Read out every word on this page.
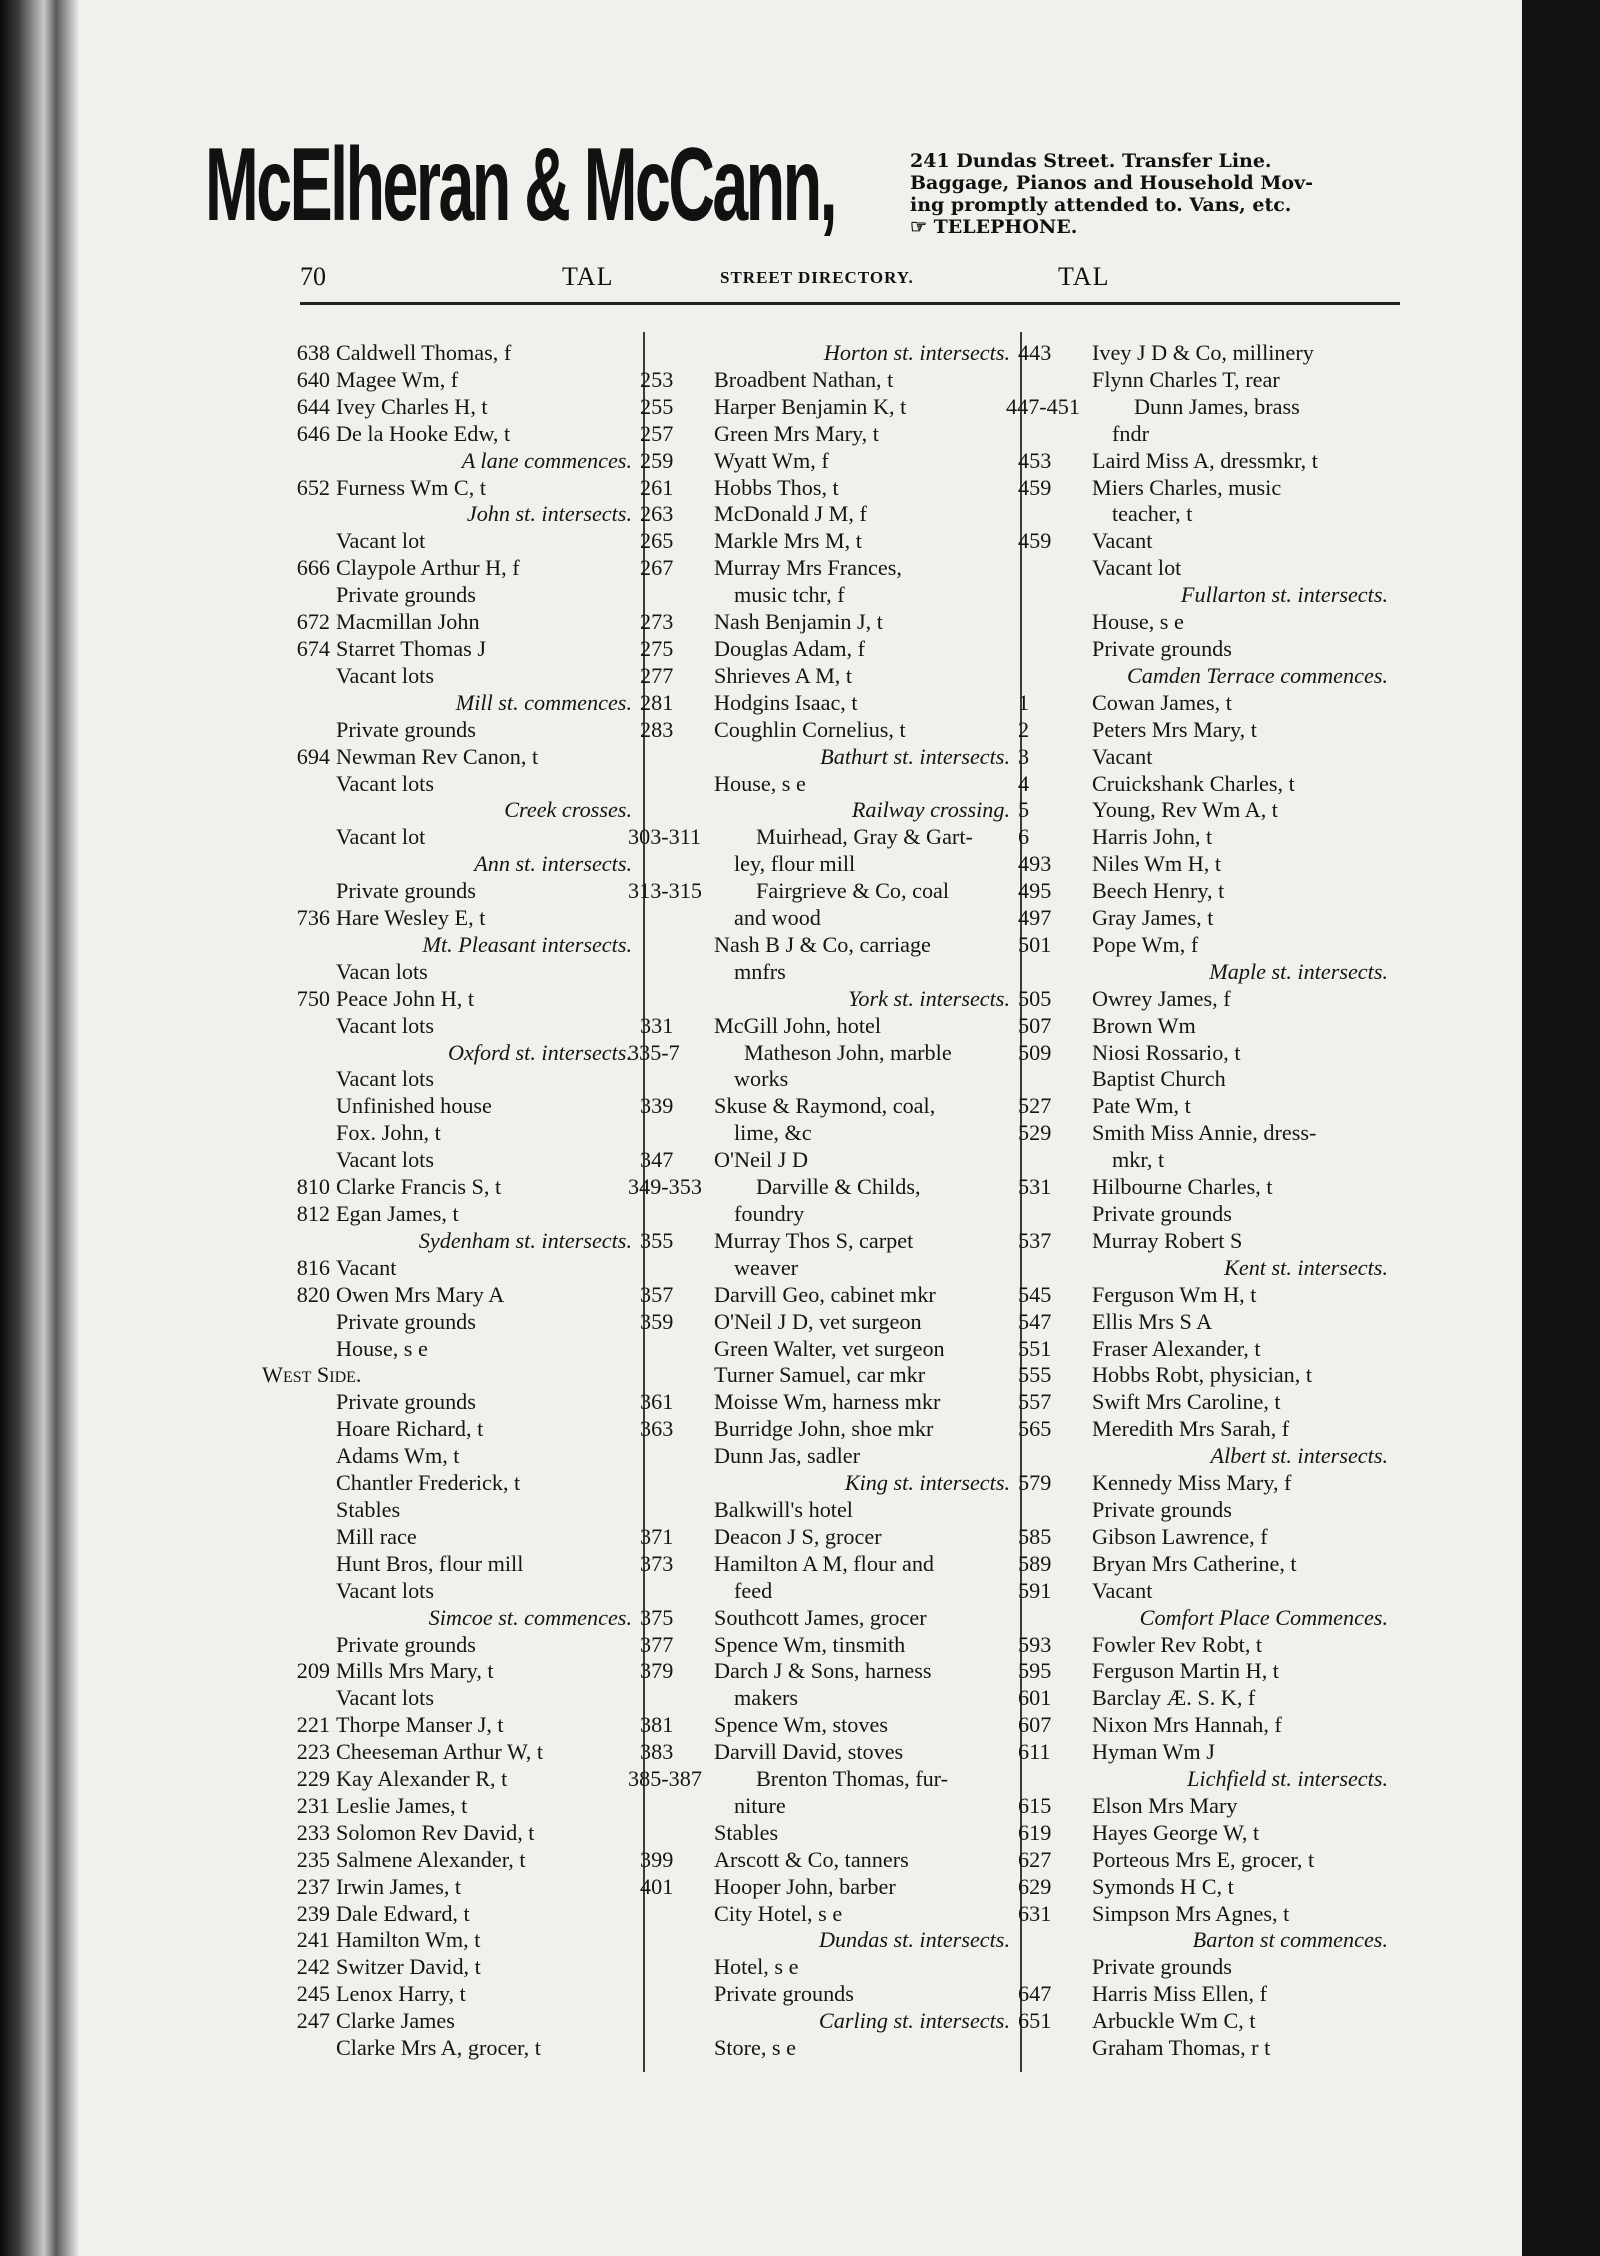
McElheran & McCann,	241 Dundas Street. Transfer Line.
Baggage, Pianos and Household Mov-
ing promptly attended to. Vans, etc.
☞ TELEPHONE.
70	TAL	STREET DIRECTORY.	TAL
638 Caldwell Thomas, f
640 Magee Wm, f
644 Ivey Charles H, t
646 De la Hooke Edw, t
A lane commences.
652 Furness Wm C, t
John st. intersects.
Vacant lot
666 Claypole Arthur H, f
Private grounds
672 Macmillan John
674 Starret Thomas J
Vacant lots
Mill st. commences.
Private grounds
694 Newman Rev Canon, t
Vacant lots
Creek crosses.
Vacant lot
Ann st. intersects.
Private grounds
736 Hare Wesley E, t
Mt. Pleasant intersects.
Vacan lots
750 Peace John H, t
Vacant lots
Oxford st. intersects.
Vacant lots
Unfinished house
Fox. John, t
Vacant lots
810 Clarke Francis S, t
812 Egan James, t
Sydenham st. intersects.
816 Vacant
820 Owen Mrs Mary A
Private grounds
House, s e
West Side.
Private grounds
Hoare Richard, t
Adams Wm, t
Chantler Frederick, t
Stables
Mill race
Hunt Bros, flour mill
Vacant lots
Simcoe st. commences.
Private grounds
209 Mills Mrs Mary, t
Vacant lots
221 Thorpe Manser J, t
223 Cheeseman Arthur W, t
229 Kay Alexander R, t
231 Leslie James, t
233 Solomon Rev David, t
235 Salmene Alexander, t
237 Irwin James, t
239 Dale Edward, t
241 Hamilton Wm, t
242 Switzer David, t
245 Lenox Harry, t
247 Clarke James
Clarke Mrs A, grocer, t
Horton st. intersects.
253	Broadbent Nathan, t
255	Harper Benjamin K, t
257	Green Mrs Mary, t
259	Wyatt Wm, f
261	Hobbs Thos, t
263	McDonald J M, f
265	Markle Mrs M, t
267	Murray Mrs Frances,
music tchr, f
273	Nash Benjamin J, t
275	Douglas Adam, f
277	Shrieves A M, t
281	Hodgins Isaac, t
283	Coughlin Cornelius, t
Bathurt st. intersects.
House, s e
Railway crossing.
303-311 Muirhead, Gray & Gart-
ley, flour mill
313-315 Fairgrieve & Co, coal
and wood
Nash B J & Co, carriage
mnfrs
York st. intersects.
331	McGill John, hotel
335-7	Matheson John, marble
works
339	Skuse & Raymond, coal,
lime, &c
347	O'Neil J D
349-353 Darville & Childs,
foundry
355	Murray Thos S, carpet
weaver
357	Darvill Geo, cabinet mkr
359	O'Neil J D, vet surgeon
Green Walter, vet surgeon
Turner Samuel, car mkr
361	Moisse Wm, harness mkr
363	Burridge John, shoe mkr
Dunn Jas, sadler
King st. intersects.
Balkwill's hotel
371	Deacon J S, grocer
373	Hamilton A M, flour and
feed
375	Southcott James, grocer
377	Spence Wm, tinsmith
379	Darch J & Sons, harness
makers
381	Spence Wm, stoves
383	Darvill David, stoves
385-387 Brenton Thomas, fur-
niture
Stables
399	Arscott & Co, tanners
401	Hooper John, barber
City Hotel, s e
Dundas st. intersects.
Hotel, s e
Private grounds
Carling st. intersects.
Store, s e
443	Ivey J D & Co, millinery
Flynn Charles T, rear
447-451 Dunn James, brass
fndr
453	Laird Miss A, dressmkr, t
459	Miers Charles, music
teacher, t
459	Vacant
Vacant lot
Fullarton st. intersects.
House, s e
Private grounds
Camden Terrace commences.
1	Cowan James, t
2	Peters Mrs Mary, t
3	Vacant
4	Cruickshank Charles, t
5	Young, Rev Wm A, t
6	Harris John, t
493	Niles Wm H, t
495	Beech Henry, t
497	Gray James, t
501	Pope Wm, f
Maple st. intersects.
505	Owrey James, f
507	Brown Wm
509	Niosi Rossario, t
Baptist Church
527	Pate Wm, t
529	Smith Miss Annie, dress-
mkr, t
531	Hilbourne Charles, t
Private grounds
537	Murray Robert S
Kent st. intersects.
545	Ferguson Wm H, t
547	Ellis Mrs S A
551	Fraser Alexander, t
555	Hobbs Robt, physician, t
557	Swift Mrs Caroline, t
565	Meredith Mrs Sarah, f
Albert st. intersects.
579	Kennedy Miss Mary, f
Private grounds
585	Gibson Lawrence, f
589	Bryan Mrs Catherine, t
591	Vacant
Comfort Place Commences.
593	Fowler Rev Robt, t
595	Ferguson Martin H, t
601	Barclay Æ. S. K, f
607	Nixon Mrs Hannah, f
611	Hyman Wm J
Lichfield st. intersects.
615	Elson Mrs Mary
619	Hayes George W, t
627	Porteous Mrs E, grocer, t
629	Symonds H C, t
631	Simpson Mrs Agnes, t
Barton st commences.
Private grounds
647	Harris Miss Ellen, f
651	Arbuckle Wm C, t
Graham Thomas, r t
